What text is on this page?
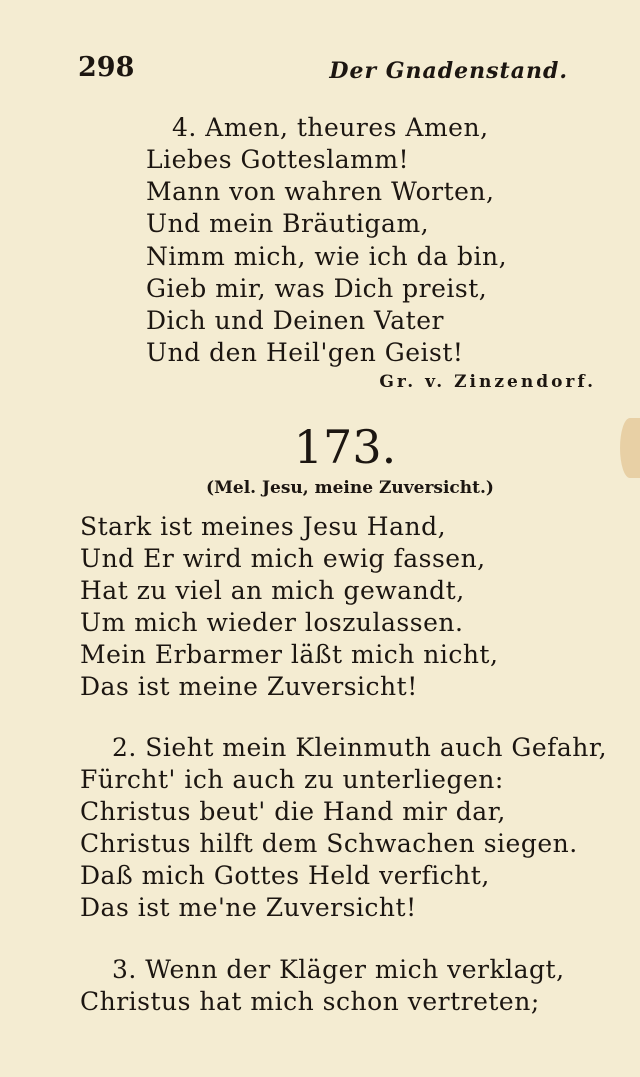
298	Der Gnadenstand.
4. Amen, theures Amen,
Liebes Gotteslamm!
Mann von wahren Worten,
Und mein Bräutigam,
Nimm mich, wie ich da bin,
Gieb mir, was Dich preist,
Dich und Deinen Vater
Und den Heil'gen Geist!
Gr. v. Zinzendorf.
173.
(Mel. Jesu, meine Zuversicht.)
Stark ist meines Jesu Hand,
Und Er wird mich ewig fassen,
Hat zu viel an mich gewandt,
Um mich wieder loszulassen.
Mein Erbarmer läßt mich nicht,
Das ist meine Zuversicht!
2. Sieht mein Kleinmuth auch Gefahr,
Fürcht' ich auch zu unterliegen:
Christus beut' die Hand mir dar,
Christus hilft dem Schwachen siegen.
Daß mich Gottes Held verficht,
Das ist me'ne Zuversicht!
3. Wenn der Kläger mich verklagt,
Christus hat mich schon vertreten;
